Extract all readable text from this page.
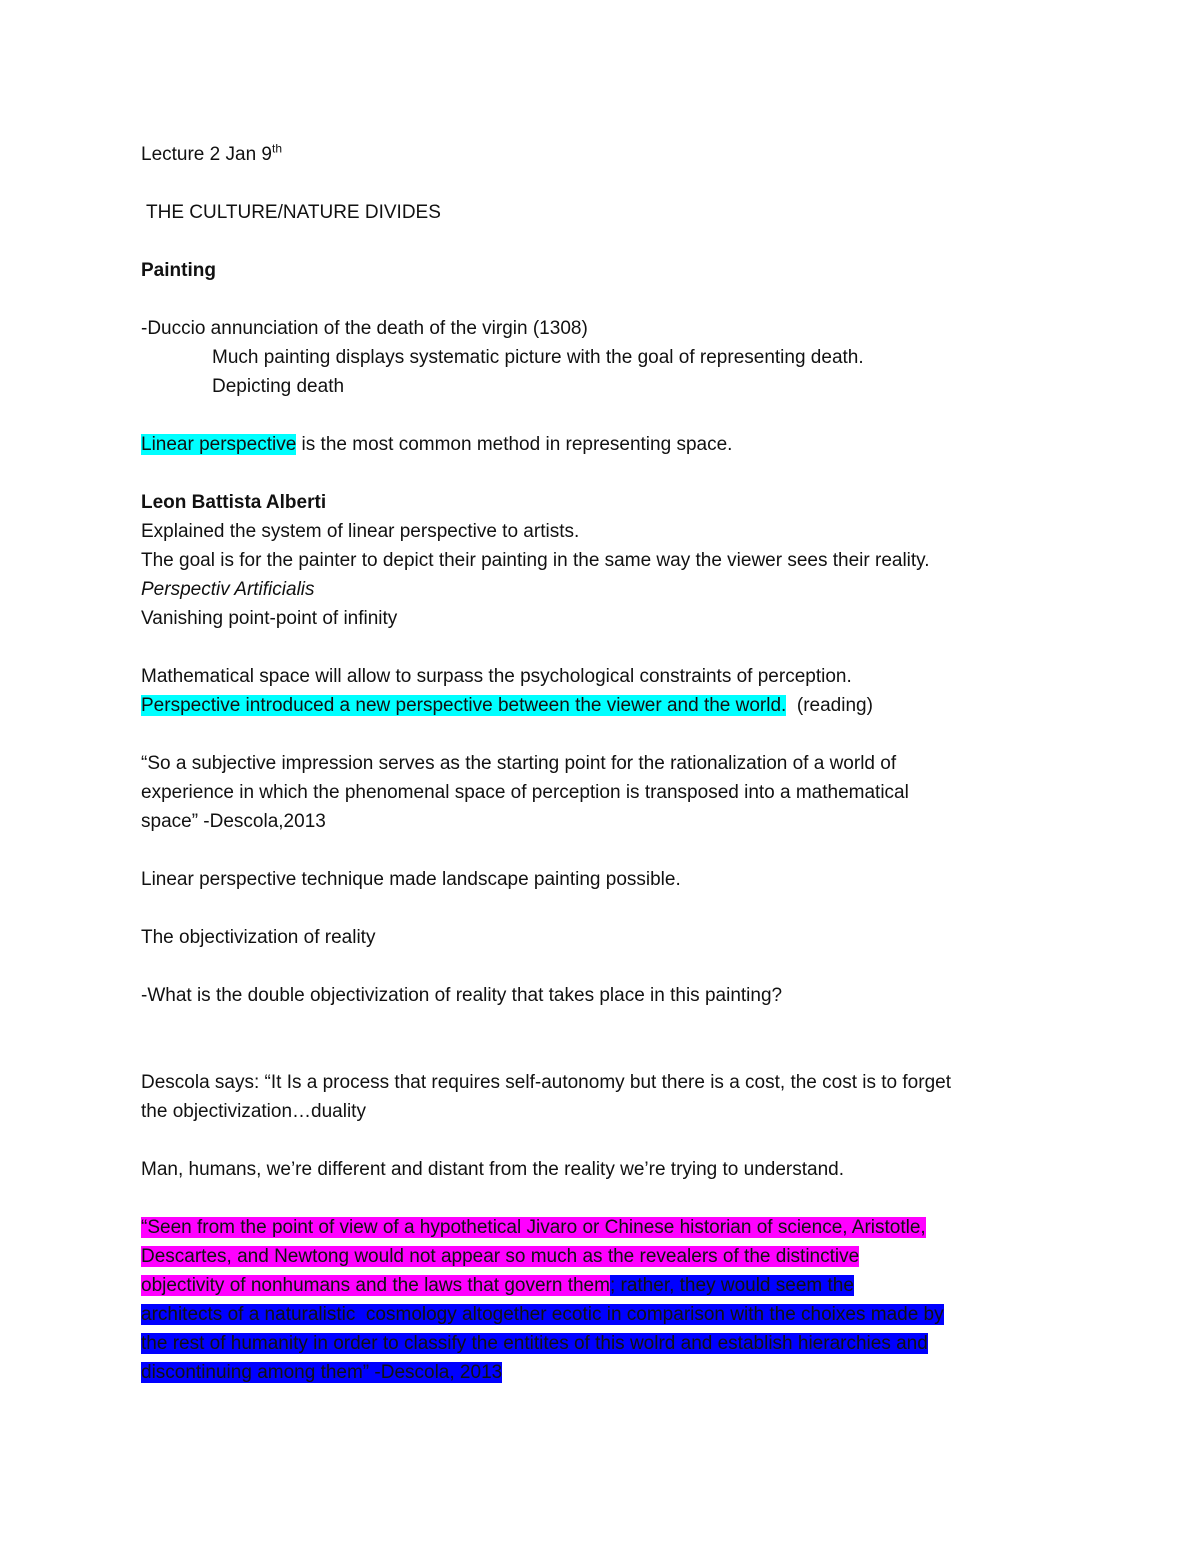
Lecture 2 Jan 9th

THE CULTURE/NATURE DIVIDES

Painting

-Duccio annunciation of the death of the virgin (1308)

Much painting displays systematic picture with the goal of representing death.

Depicting death

Linear perspective is the most common method in representing space.

Leon Battista Alberti

Explained the system of linear perspective to artists.

The goal is for the painter to depict their painting in the same way the viewer sees their reality.

Perspectiv Artificialis

Vanishing point-point of infinity

Mathematical space will allow to surpass the psychological constraints of perception.

Perspective introduced a new perspective between the viewer and the world.  (reading)

“So a subjective impression serves as the starting point for the rationalization of a world of

experience in which the phenomenal space of perception is transposed into a mathematical

space” -Descola,2013

Linear perspective technique made landscape painting possible.

The objectivization of reality

-What is the double objectivization of reality that takes place in this painting?

Descola says: “It Is a process that requires self-autonomy but there is a cost, the cost is to forget

the objectivization…duality

Man, humans, we’re different and distant from the reality we’re trying to understand.

“Seen from the point of view of a hypothetical Jivaro or Chinese historian of science, Aristotle,

Descartes, and Newtong would not appear so much as the revealers of the distinctive

objectivity of nonhumans and the laws that govern them; rather, they would seem the

architects of a naturalistic  cosmology altogether ecotic in comparison with the choixes made by

the rest of humanity in order to classify the entitites of this wolrd and establish hierarchies and

discontinuing among them” -Descola, 2013
